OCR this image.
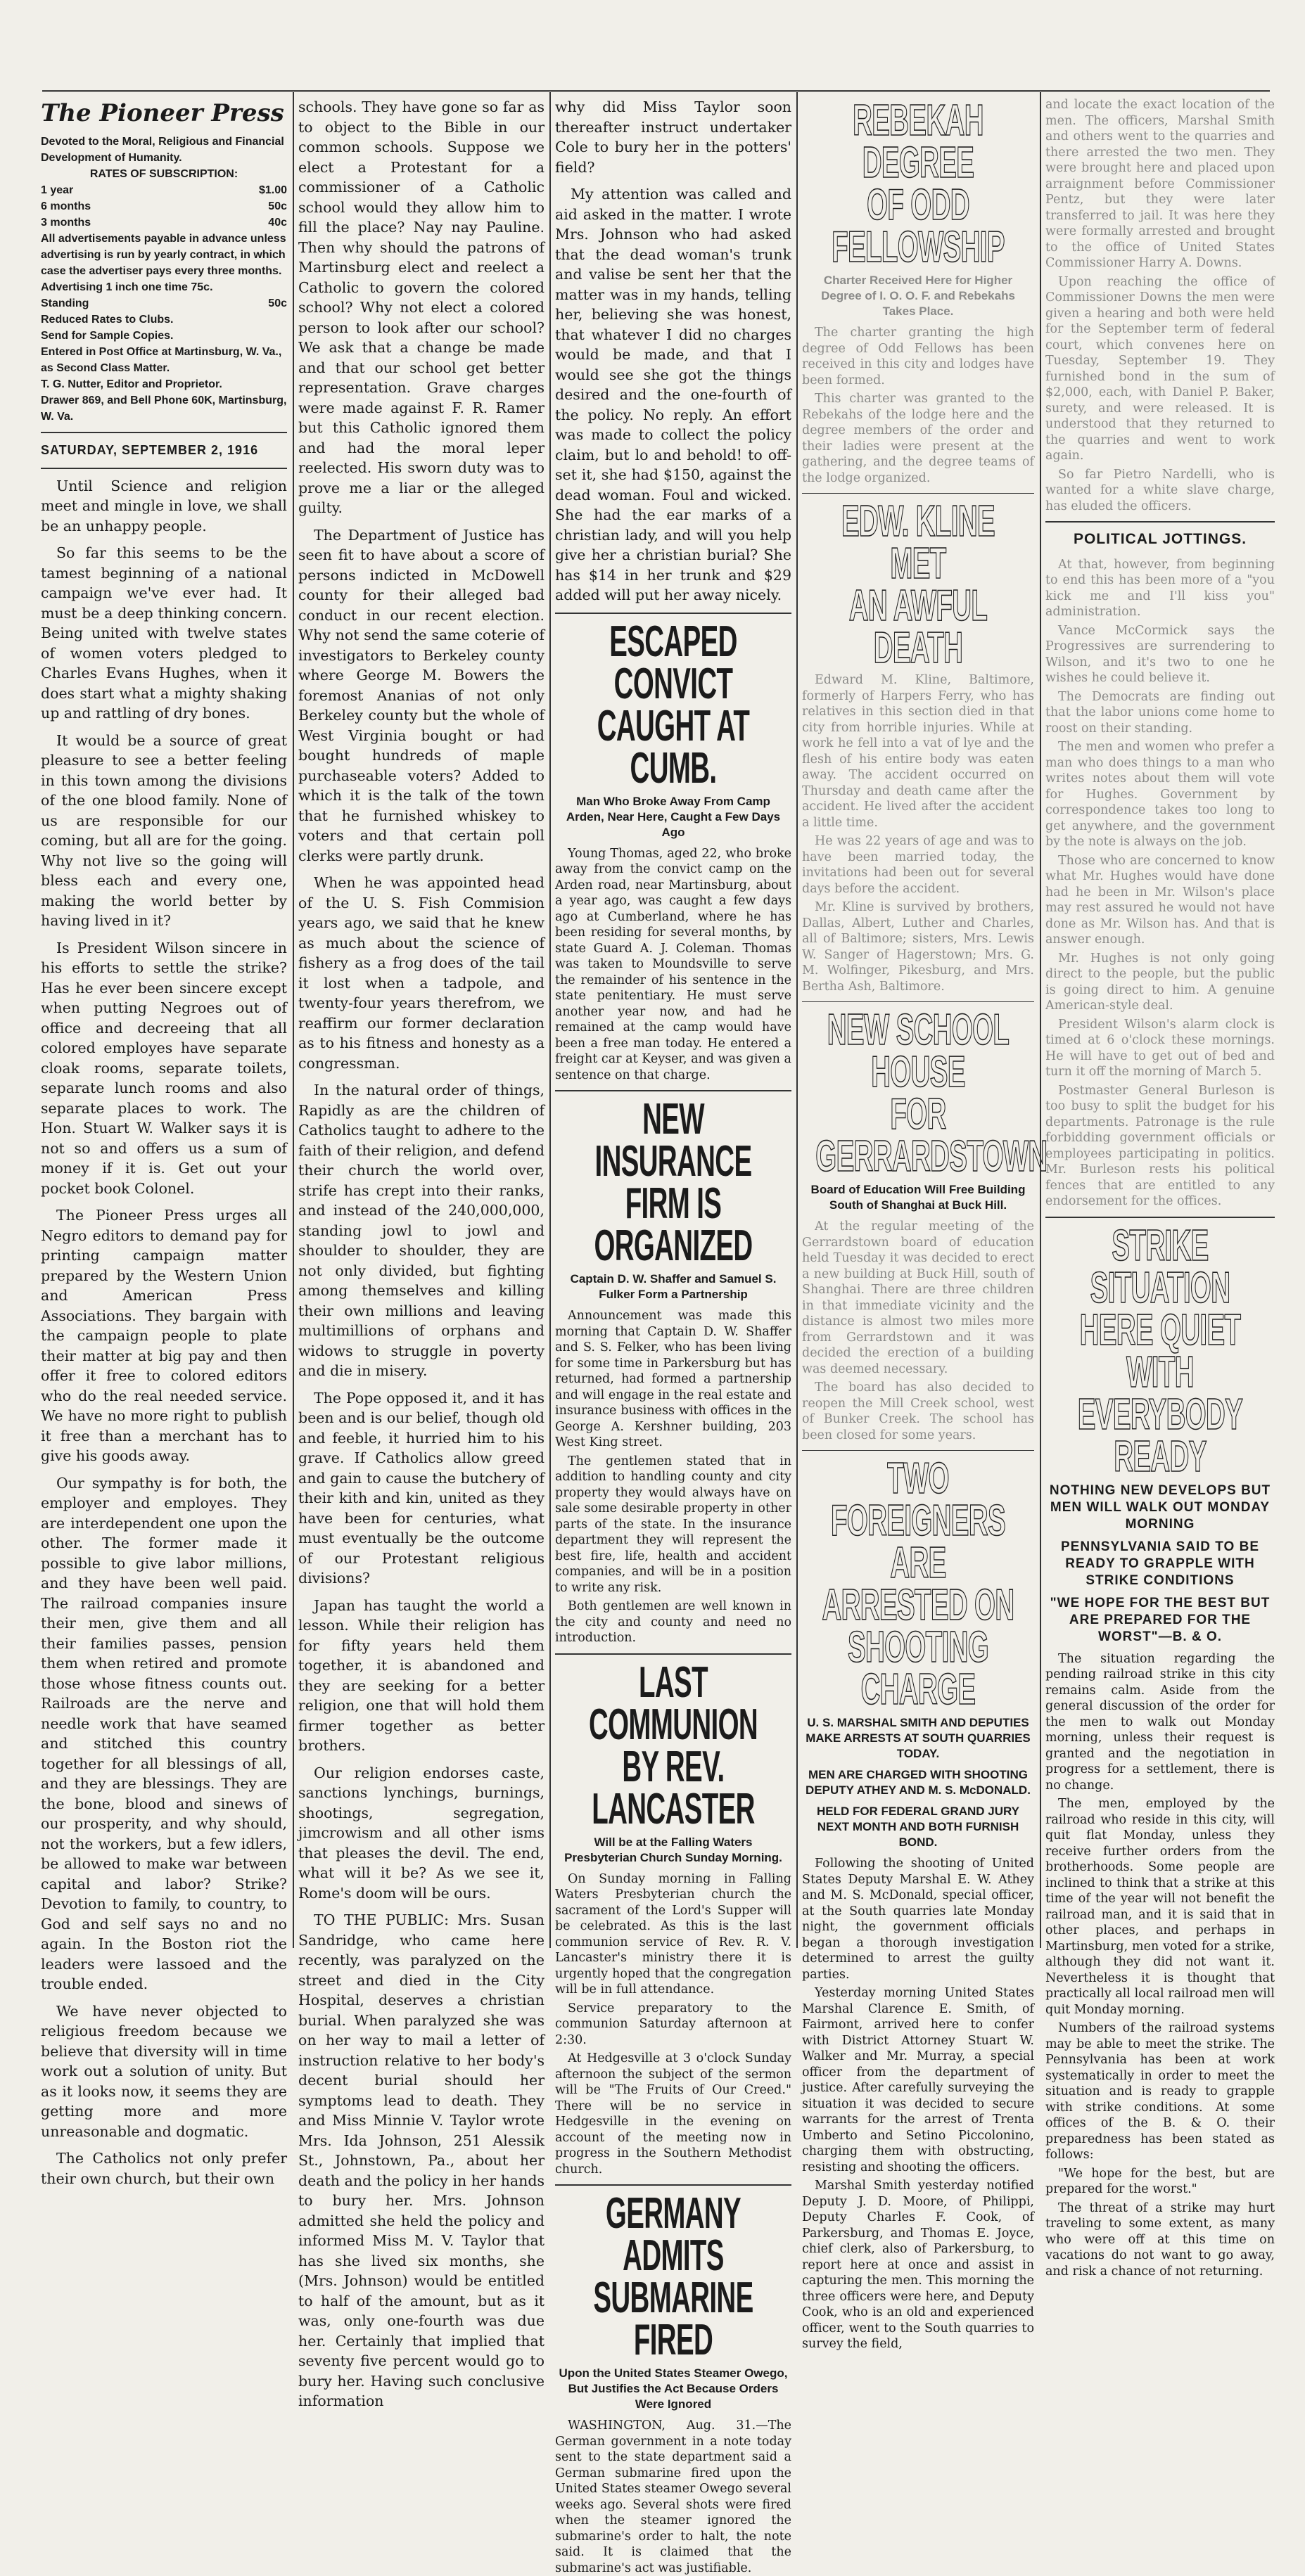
The Pioneer Press
Devoted to the Moral, Religious and Financial Development of Humanity.
RATES OF SUBSCRIPTION:
1 year	$1.00
6 months	50c
3 months	40c
All advertisements payable in advance unless advertising is run by yearly contract, in which case the advertiser pays every three months.
Advertising 1 inch one time 75c.
Standing	50c
Reduced Rates to Clubs.
Send for Sample Copies.
Entered in Post Office at Martinsburg, W. Va., as Second Class Matter.
T. G. Nutter, Editor and Proprietor.
Drawer 869, and Bell Phone 60K, Martinsburg, W. Va.
SATURDAY, SEPTEMBER 2, 1916

Until Science and religion meet and mingle in love, we shall be an unhappy people.

So far this seems to be the tamest beginning of a national campaign we've ever had. It must be a deep thinking concern. Being united with twelve states of women voters pledged to Charles Evans Hughes, when it does start what a mighty shaking up and rattling of dry bones.

It would be a source of great pleasure to see a better feeling in this town among the divisions of the one blood family. None of us are responsible for our coming, but all are for the going. Why not live so the going will bless each and every one, making the world better by having lived in it?

Is President Wilson sincere in his efforts to settle the strike? Has he ever been sincere except when putting Negroes out of office and decreeing that all colored employes have separate cloak rooms, separate toilets, separate lunch rooms and also separate places to work. The Hon. Stuart W. Walker says it is not so and offers us a sum of money if it is. Get out your pocket book Colonel.

The Pioneer Press urges all Negro editors to demand pay for printing campaign matter prepared by the Western Union and American Press Associations. They bargain with the campaign people to plate their matter at big pay and then offer it free to colored editors who do the real needed service. We have no more right to publish it free than a merchant has to give his goods away.

Our sympathy is for both, the employer and employes. They are interdependent one upon the other. The former made it possible to give labor millions, and they have been well paid. The railroad companies insure their men, give them and all their families passes, pension them when retired and promote those whose fitness counts out. Railroads are the nerve and needle work that have seamed and stitched this country together for all blessings of all, and they are blessings. They are the bone, blood and sinews of our prosperity, and why should, not the workers, but a few idlers, be allowed to make war between capital and labor? Strike? Devotion to family, to country, to God and self says no and no again. In the Boston riot the leaders were lassoed and the trouble ended.

We have never objected to religious freedom because we believe that diversity will in time work out a solution of unity. But as it looks now, it seems they are getting more and more unreasonable and dogmatic.

The Catholics not only prefer their own church, but their own

schools. They have gone so far as to object to the Bible in our common schools. Suppose we elect a Protestant for a commissioner of a Catholic school would they allow him to fill the place? Nay nay Pauline. Then why should the patrons of Martinsburg elect and reelect a Catholic to govern the colored school? Why not elect a colored person to look after our school? We ask that a change be made and that our school get better representation. Grave charges were made against F. R. Ramer but this Catholic ignored them and had the moral leper reelected. His sworn duty was to prove me a liar or the alleged guilty.

The Department of Justice has seen fit to have about a score of persons indicted in McDowell county for their alleged bad conduct in our recent election. Why not send the same coterie of investigators to Berkeley county where George M. Bowers the foremost Ananias of not only Berkeley county but the whole of West Virginia bought or had bought hundreds of maple purchaseable voters? Added to which it is the talk of the town that he furnished whiskey to voters and that certain poll clerks were partly drunk.

When he was appointed head of the U. S. Fish Commision years ago, we said that he knew as much about the science of fishery as a frog does of the tail it lost when a tadpole, and twenty-four years therefrom, we reaffirm our former declaration as to his fitness and honesty as a congressman.

In the natural order of things, Rapidly as are the children of Catholics taught to adhere to the faith of their religion, and defend their church the world over, strife has crept into their ranks, and instead of the 240,000,000, standing jowl to jowl and shoulder to shoulder, they are not only divided, but fighting among themselves and killing their own millions and leaving multimillions of orphans and widows to struggle in poverty and die in misery.

The Pope opposed it, and it has been and is our belief, though old and feeble, it hurried him to his grave. If Catholics allow greed and gain to cause the butchery of their kith and kin, united as they have been for centuries, what must eventually be the outcome of our Protestant religious divisions?

Japan has taught the world a lesson. While their religion has for fifty years held them together, it is abandoned and they are seeking for a better religion, one that will hold them firmer together as better brothers.

Our religion endorses caste, sanctions lynchings, burnings, shootings, segregation, jimcrowism and all other isms that pleases the devil. The end, what will it be? As we see it, Rome's doom will be ours.

TO THE PUBLIC: Mrs. Susan Sandridge, who came here recently, was paralyzed on the street and died in the City Hospital, deserves a christian burial. When paralyzed she was on her way to mail a letter of instruction relative to her body's decent burial should her symptoms lead to death. They and Miss Minnie V. Taylor wrote Mrs. Ida Johnson, 251 Alessik St., Johnstown, Pa., about her death and the policy in her hands to bury her. Mrs. Johnson admitted she held the policy and informed Miss M. V. Taylor that has she lived six months, she (Mrs. Johnson) would be entitled to half of the amount, but as it was, only one-fourth was due her. Certainly that implied that seventy five percent would go to bury her. Having such conclusive information

why did Miss Taylor soon thereafter instruct undertaker Cole to bury her in the potters' field?

My attention was called and aid asked in the matter. I wrote Mrs. Johnson who had asked that the dead woman's trunk and valise be sent her that the matter was in my hands, telling her, believing she was honest, that whatever I did no charges would be made, and that I would see she got the things desired and the one-fourth of the policy. No reply. An effort was made to collect the policy claim, but lo and behold! to off-set it, she had $150, against the dead woman. Foul and wicked. She had the ear marks of a christian lady, and will you help give her a christian burial? She has $14 in her trunk and $29 added will put her away nicely.

ESCAPED CONVICT
CAUGHT AT CUMB.
Man Who Broke Away From Camp Arden, Near Here, Caught a Few Days Ago

Young Thomas, aged 22, who broke away from the convict camp on the Arden road, near Martinsburg, about a year ago, was caught a few days ago at Cumberland, where he has been residing for several months, by state Guard A. J. Coleman. Thomas was taken to Moundsville to serve the remainder of his sentence in the state penitentiary. He must serve another year now, and had he remained at the camp would have been a free man today. He entered a freight car at Keyser, and was given a sentence on that charge.

NEW INSURANCE
FIRM IS ORGANIZED
Captain D. W. Shaffer and Samuel S. Fulker Form a Partnership

Announcement was made this morning that Captain D. W. Shaffer and S. S. Felker, who has been living for some time in Parkersburg but has returned, had formed a partnership and will engage in the real estate and insurance business with offices in the George A. Kershner building, 203 West King street.

The gentlemen stated that in addition to handling county and city property they would always have on sale some desirable property in other parts of the state. In the insurance department they will represent the best fire, life, health and accident companies, and will be in a position to write any risk.

Both gentlemen are well known in the city and county and need no introduction.

LAST COMMUNION
BY REV. LANCASTER
Will be at the Falling Waters Presbyterian Church Sunday Morning.

On Sunday morning in Falling Waters Presbyterian church the sacrament of the Lord's Supper will be celebrated. As this is the last communion service of Rev. R. V. Lancaster's ministry there it is urgently hoped that the congregation will be in full attendance.

Service preparatory to the communion Saturday afternoon at 2:30.

At Hedgesville at 3 o'clock Sunday afternoon the subject of the sermon will be "The Fruits of Our Creed." There will be no service in Hedgesville in the evening on account of the meeting now in progress in the Southern Methodist church.

GERMANY ADMITS
SUBMARINE FIRED
Upon the United States Steamer Owego, But Justifies the Act Because Orders Were Ignored

WASHINGTON, Aug. 31.—The German government in a note today sent to the state department said a German submarine fired upon the United States steamer Owego several weeks ago. Several shots were fired when the steamer ignored the submarine's order to halt, the note said. It is claimed that the submarine's act was justifiable.

REBEKAH DEGREE
OF ODD FELLOWSHIP
Charter Received Here for Higher Degree of I. O. O. F. and Rebekahs Takes Place.

The charter granting the high degree of Odd Fellows has been received in this city and lodges have been formed.

This charter was granted to the Rebekahs of the lodge here and the degree members of the order and their ladies were present at the gathering, and the degree teams of the lodge organized.

EDW. KLINE MET
AN AWFUL DEATH

Edward M. Kline, Baltimore, formerly of Harpers Ferry, who has relatives in this section died in that city from horrible injuries. While at work he fell into a vat of lye and the flesh of his entire body was eaten away. The accident occurred on Thursday and death came after the accident. He lived after the accident a little time.

He was 22 years of age and was to have been married today, the invitations had been out for several days before the accident.

Mr. Kline is survived by brothers, Dallas, Albert, Luther and Charles, all of Baltimore; sisters, Mrs. Lewis W. Sanger of Hagerstown; Mrs. G. M. Wolfinger, Pikesburg, and Mrs. Bertha Ash, Baltimore.

NEW SCHOOL HOUSE
FOR GERRARDSTOWN
Board of Education Will Free Building South of Shanghai at Buck Hill.

At the regular meeting of the Gerrardstown board of education held Tuesday it was decided to erect a new building at Buck Hill, south of Shanghai. There are three children in that immediate vicinity and the distance is almost two miles more from Gerrardstown and it was decided the erection of a building was deemed necessary.

The board has also decided to reopen the Mill Creek school, west of Bunker Creek. The school has been closed for some years.

TWO FOREIGNERS
ARE ARRESTED ON
SHOOTING CHARGE
U. S. MARSHAL SMITH AND DEPUTIES MAKE ARRESTS AT SOUTH QUARRIES TODAY.
MEN ARE CHARGED WITH SHOOTING DEPUTY ATHEY AND M. S. McDONALD.
HELD FOR FEDERAL GRAND JURY NEXT MONTH AND BOTH FURNISH BOND.

Following the shooting of United States Deputy Marshal E. W. Athey and M. S. McDonald, special officer, at the South quarries late Monday night, the government officials began a thorough investigation determined to arrest the guilty parties.

Yesterday morning United States Marshal Clarence E. Smith, of Fairmont, arrived here to confer with District Attorney Stuart W. Walker and Mr. Murray, a special officer from the department of justice. After carefully surveying the situation it was decided to secure warrants for the arrest of Trenta Umberto and Setino Piccolonino, charging them with obstructing, resisting and shooting the officers.

Marshal Smith yesterday notified Deputy J. D. Moore, of Philippi, Deputy Charles F. Cook, of Parkersburg, and Thomas E. Joyce, chief clerk, also of Parkersburg, to report here at once and assist in capturing the men. This morning the three officers were here, and Deputy Cook, who is an old and experienced officer, went to the South quarries to survey the field,

and locate the exact location of the men. The officers, Marshal Smith and others went to the quarries and there arrested the two men. They were brought here and placed upon arraignment before Commissioner Pentz, but they were later transferred to jail. It was here they were formally arrested and brought to the office of United States Commissioner Harry A. Downs.

Upon reaching the office of Commissioner Downs the men were given a hearing and both were held for the September term of federal court, which convenes here on Tuesday, September 19. They furnished bond in the sum of $2,000, each, with Daniel P. Baker, surety, and were released. It is understood that they returned to the quarries and went to work again.

So far Pietro Nardelli, who is wanted for a white slave charge, has eluded the officers.

POLITICAL JOTTINGS.

At that, however, from beginning to end this has been more of a "you kick me and I'll kiss you" administration.

Vance McCormick says the Progressives are surrendering to Wilson, and it's two to one he wishes he could believe it.

The Democrats are finding out that the labor unions come home to roost on their standing.

The men and women who prefer a man who does things to a man who writes notes about them will vote for Hughes. Government by correspondence takes too long to get anywhere, and the government by the note is always on the job.

Those who are concerned to know what Mr. Hughes would have done had he been in Mr. Wilson's place may rest assured he would not have done as Mr. Wilson has. And that is answer enough.

Mr. Hughes is not only going direct to the people, but the public is going direct to him. A genuine American-style deal.

President Wilson's alarm clock is timed at 6 o'clock these mornings. He will have to get out of bed and turn it off the morning of March 5.

Postmaster General Burleson is too busy to split the budget for his departments. Patronage is the rule forbidding government officials or employees participating in politics. Mr. Burleson rests his political fences that are entitled to any endorsement for the offices.

STRIKE SITUATION
HERE QUIET WITH
EVERYBODY READY
NOTHING NEW DEVELOPS BUT MEN WILL WALK OUT MONDAY MORNING
PENNSYLVANIA SAID TO BE READY TO GRAPPLE WITH STRIKE CONDITIONS
"WE HOPE FOR THE BEST BUT ARE PREPARED FOR THE WORST"—B. & O.

The situation regarding the pending railroad strike in this city remains calm. Aside from the general discussion of the order for the men to walk out Monday morning, unless their request is granted and the negotiation in progress for a settlement, there is no change.

The men, employed by the railroad who reside in this city, will quit flat Monday, unless they receive further orders from the brotherhoods. Some people are inclined to think that a strike at this time of the year will not benefit the railroad man, and it is said that in other places, and perhaps in Martinsburg, men voted for a strike, although they did not want it. Nevertheless it is thought that practically all local railroad men will quit Monday morning.

Numbers of the railroad systems may be able to meet the strike. The Pennsylvania has been at work systematically in order to meet the situation and is ready to grapple with strike conditions. At some offices of the B. & O. their preparedness has been stated as follows:

"We hope for the best, but are prepared for the worst."

The threat of a strike may hurt traveling to some extent, as many who were off at this time on vacations do not want to go away, and risk a chance of not returning.
